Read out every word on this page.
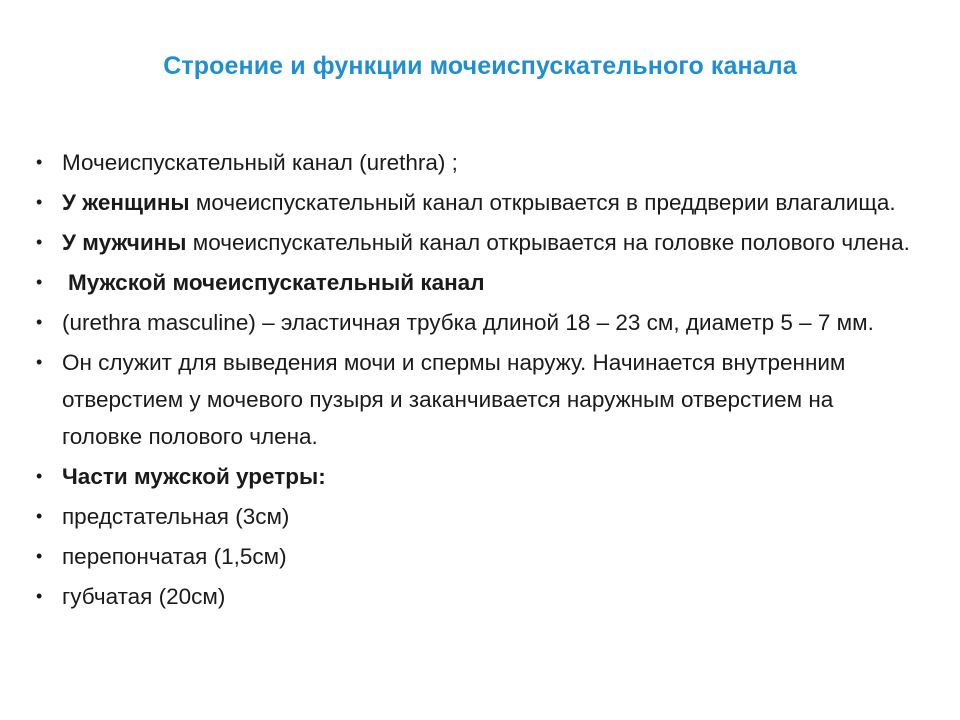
Строение и функции мочеиспускательного канала
• Мочеиспускательный канал (urethra) ;
• У женщины мочеиспускательный канал открывается в преддверии влагалища.
• У мужчины мочеиспускательный канал открывается на головке полового члена.
• Мужской мочеиспускательный канал
• (urethra masculine) – эластичная трубка длиной 18 – 23 см, диаметр 5 – 7 мм.
• Он служит для выведения мочи и спермы наружу. Начинается внутренним отверстием у мочевого пузыря и заканчивается наружным отверстием на головке полового члена.
• Части мужской уретры:
• предстательная (3см)
• перепончатая (1,5см)
• губчатая (20см)
